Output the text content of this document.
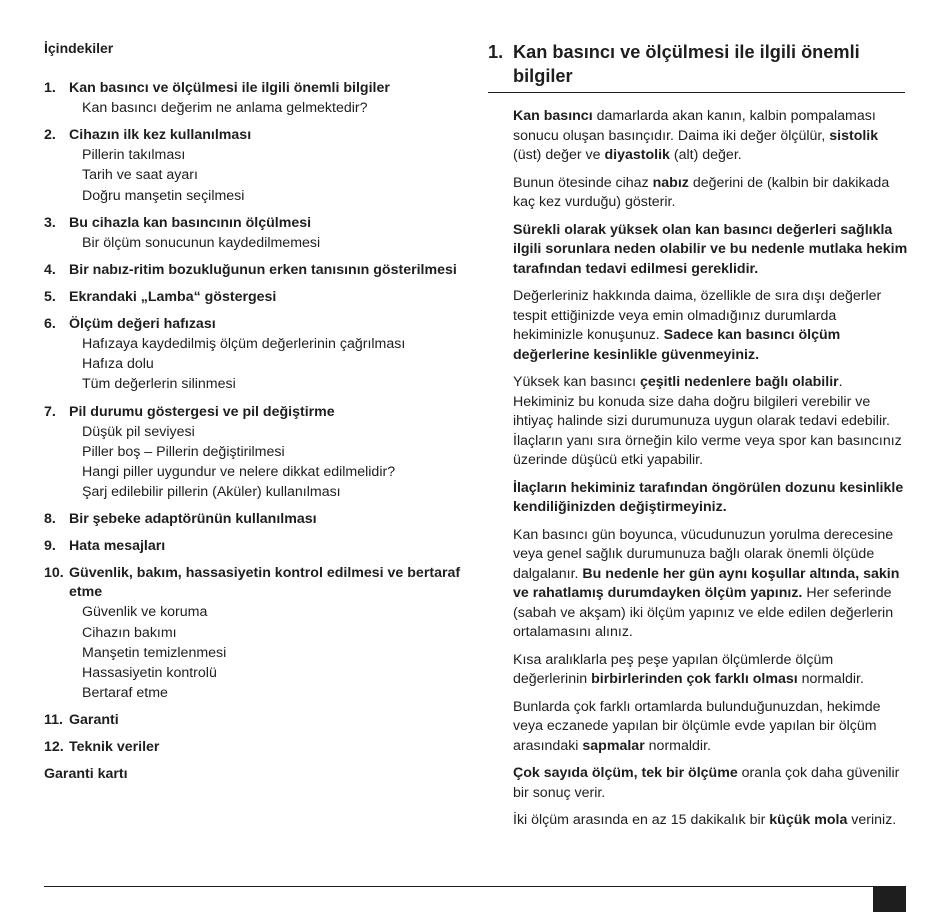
İçindekiler
1. Kan basıncı ve ölçülmesi ile ilgili önemli bilgiler
Kan basıncı değerim ne anlama gelmektedir?
2. Cihazın ilk kez kullanılması
Pillerin takılması
Tarih ve saat ayarı
Doğru manşetin seçilmesi
3. Bu cihazla kan basıncının ölçülmesi
Bir ölçüm sonucunun kaydedilmemesi
4. Bir nabız-ritim bozukluğunun erken tanısının gösterilmesi
5. Ekrandaki „Lamba“ göstergesi
6. Ölçüm değeri hafızası
Hafızaya kaydedilmiş ölçüm değerlerinin çağrılması
Hafıza dolu
Tüm değerlerin silinmesi
7. Pil durumu göstergesi ve pil değiştirme
Düşük pil seviyesi
Piller boş – Pillerin değiştirilmesi
Hangi piller uygundur ve nelere dikkat edilmelidir?
Şarj edilebilir pillerin (Aküler) kullanılması
8. Bir şebeke adaptörünün kullanılması
9. Hata mesajları
10. Güvenlik, bakım, hassasiyetin kontrol edilmesi ve bertaraf etme
Güvenlik ve koruma
Cihazın bakımı
Manşetin temizlenmesi
Hassasiyetin kontrolü
Bertaraf etme
11. Garanti
12. Teknik veriler
Garanti kartı
1. Kan basıncı ve ölçülmesi ile ilgili önemli bilgiler
Kan basıncı damarlarda akan kanın, kalbin pompalaması sonucu oluşan basınçıdır. Daima iki değer ölçülür, sistolik (üst) değer ve diyastolik (alt) değer.
Bunun ötesinde cihaz nabız değerini de (kalbin bir dakikada kaç kez vurduğu) gösterir.
Sürekli olarak yüksek olan kan basıncı değerleri sağlıkla ilgili sorunlara neden olabilir ve bu nedenle mutlaka hekim tarafından tedavi edilmesi gereklidir.
Değerleriniz hakkında daima, özellikle de sıra dışı değerler tespit ettiğinizde veya emin olmadığınız durumlarda hekiminizle konuşunuz. Sadece kan basıncı ölçüm değerlerine kesinlikle güvenmeyiniz.
Yüksek kan basıncı çeşitli nedenlere bağlı olabilir. Hekiminiz bu konuda size daha doğru bilgileri verebilir ve ihtiyaç halinde sizi durumunuza uygun olarak tedavi edebilir. İlaçların yanı sıra örneğin kilo verme veya spor kan basıncınız üzerinde düşücü etki yapabilir.
İlaçların hekiminiz tarafından öngörülen dozunu kesinlikle kendiliğinizden değiştirmeyiniz.
Kan basıncı gün boyunca, vücudunuzun yorulma derecesine veya genel sağlık durumunuza bağlı olarak önemli ölçüde dalgalanır. Bu nedenle her gün aynı koşullar altında, sakin ve rahatlamış durumdayken ölçüm yapınız. Her seferinde (sabah ve akşam) iki ölçüm yapınız ve elde edilen değerlerin ortalamasını alınız.
Kısa aralıklarla peş peşe yapılan ölçümlerde ölçüm değerlerinin birbirlerinden çok farklı olması normaldir.
Bunlarda çok farklı ortamlarda bulunduğunuzdan, hekimde veya eczanede yapılan bir ölçümle evde yapılan bir ölçüm arasındaki sapmalar normaldir.
Çok sayıda ölçüm, tek bir ölçüme oranla çok daha güvenilir bir sonuç verir.
İki ölçüm arasında en az 15 dakikalık bir küçük mola veriniz.
